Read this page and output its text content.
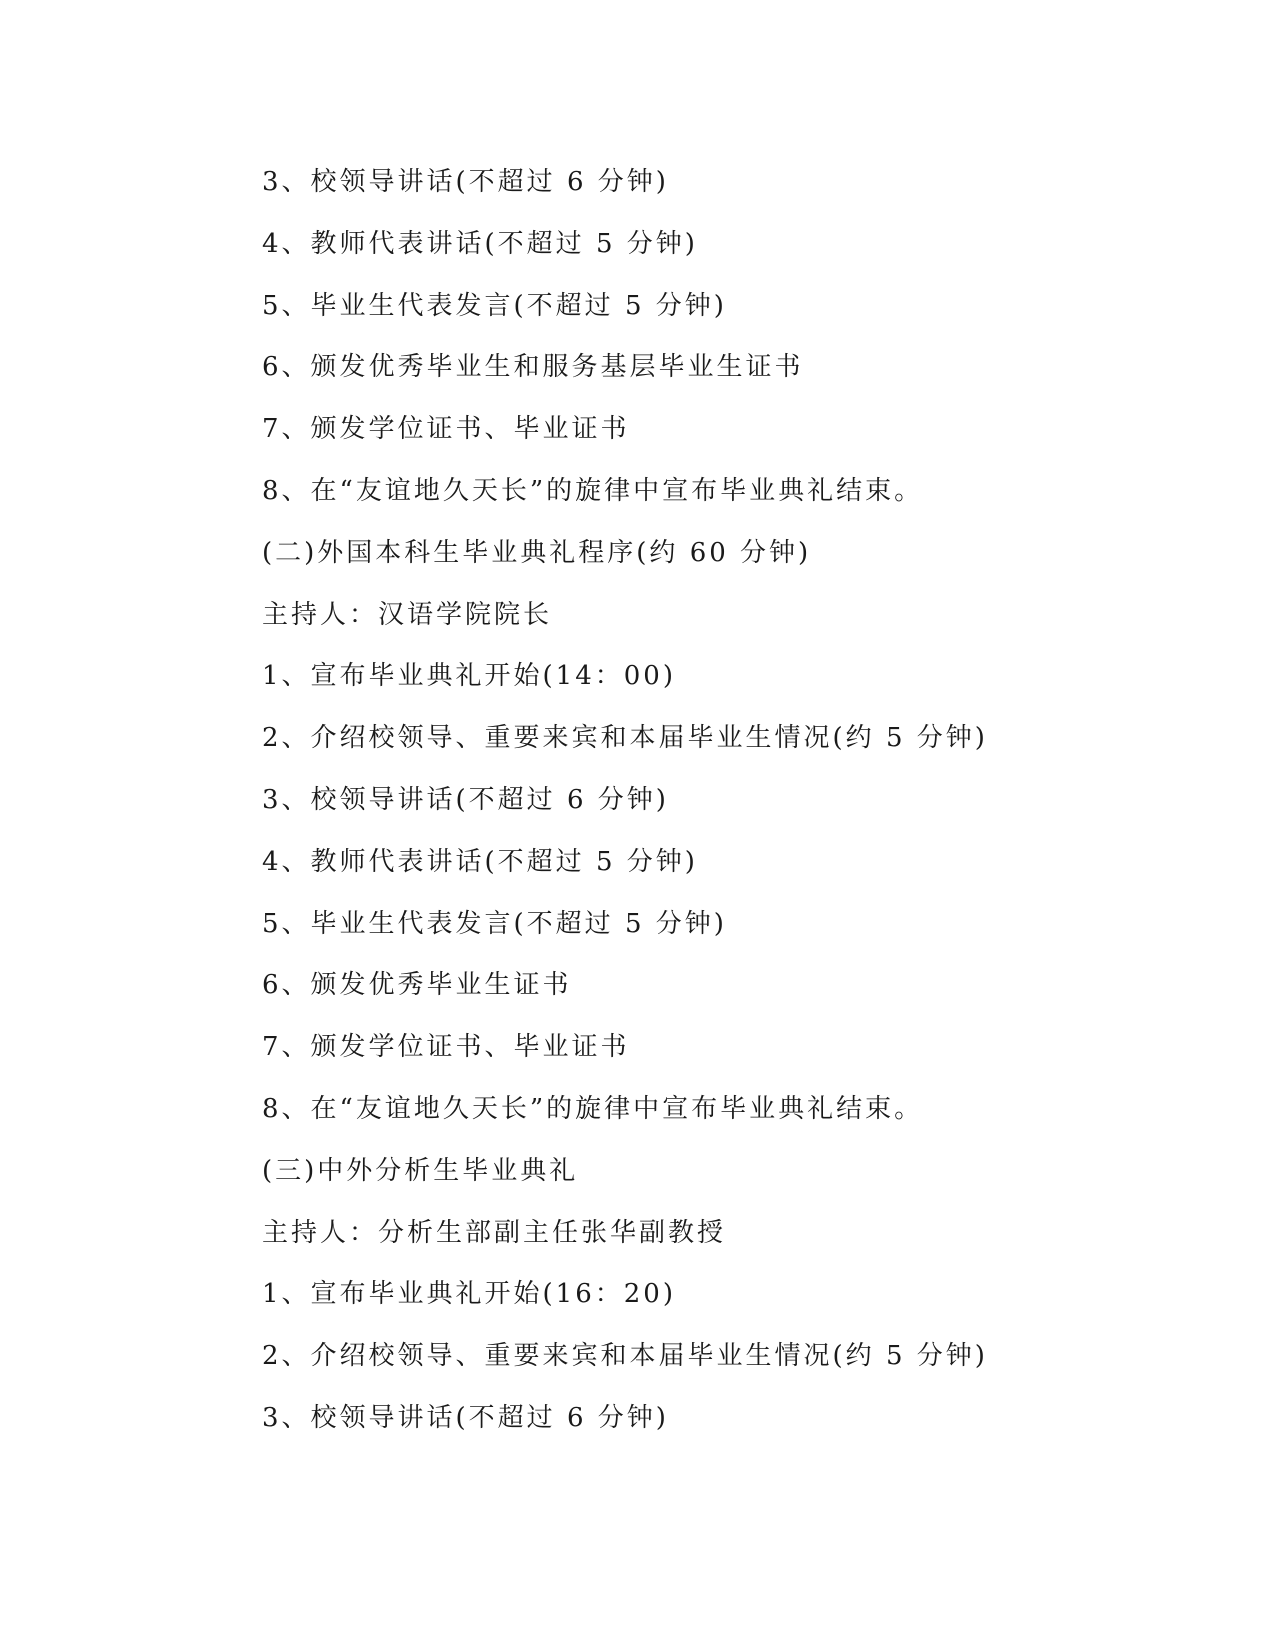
3、校领导讲话(不超过 6 分钟)
4、教师代表讲话(不超过 5 分钟)
5、毕业生代表发言(不超过 5 分钟)
6、颁发优秀毕业生和服务基层毕业生证书
7、颁发学位证书、毕业证书
8、在“友谊地久天长”的旋律中宣布毕业典礼结束。
(二)外国本科生毕业典礼程序(约 60 分钟)
主持人：汉语学院院长
1、宣布毕业典礼开始(14：00)
2、介绍校领导、重要来宾和本届毕业生情况(约 5 分钟)
3、校领导讲话(不超过 6 分钟)
4、教师代表讲话(不超过 5 分钟)
5、毕业生代表发言(不超过 5 分钟)
6、颁发优秀毕业生证书
7、颁发学位证书、毕业证书
8、在“友谊地久天长”的旋律中宣布毕业典礼结束。
(三)中外分析生毕业典礼
主持人：分析生部副主任张华副教授
1、宣布毕业典礼开始(16：20)
2、介绍校领导、重要来宾和本届毕业生情况(约 5 分钟)
3、校领导讲话(不超过 6 分钟)
